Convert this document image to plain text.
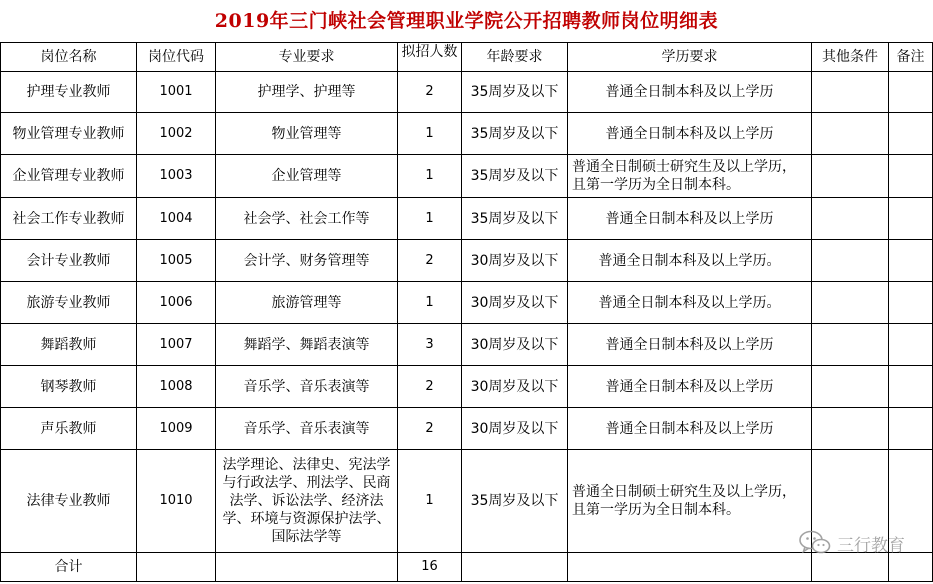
2019年三门峡社会管理职业学院公开招聘教师岗位明细表
岗位名称	岗位代码	专业要求	拟招人数	年龄要求	学历要求	其他条件	备注
护理专业教师	1001	护理学、护理等	2	35周岁及以下	普通全日制本科及以上学历		
物业管理专业教师	1002	物业管理等	1	35周岁及以下	普通全日制本科及以上学历		
企业管理专业教师	1003	企业管理等	1	35周岁及以下	普通全日制硕士研究生及以上学历，且第一学历为全日制本科。		
社会工作专业教师	1004	社会学、社会工作等	1	35周岁及以下	普通全日制本科及以上学历		
会计专业教师	1005	会计学、财务管理等	2	30周岁及以下	普通全日制本科及以上学历。		
旅游专业教师	1006	旅游管理等	1	30周岁及以下	普通全日制本科及以上学历。		
舞蹈教师	1007	舞蹈学、舞蹈表演等	3	30周岁及以下	普通全日制本科及以上学历		
钢琴教师	1008	音乐学、音乐表演等	2	30周岁及以下	普通全日制本科及以上学历		
声乐教师	1009	音乐学、音乐表演等	2	30周岁及以下	普通全日制本科及以上学历		
法律专业教师	1010	法学理论、法律史、宪法学与行政法学、刑法学、民商法学、诉讼法学、经济法学、环境与资源保护法学、国际法学等	1	35周岁及以下	普通全日制硕士研究生及以上学历，且第一学历为全日制本科。		
合计			16				
三行教育
